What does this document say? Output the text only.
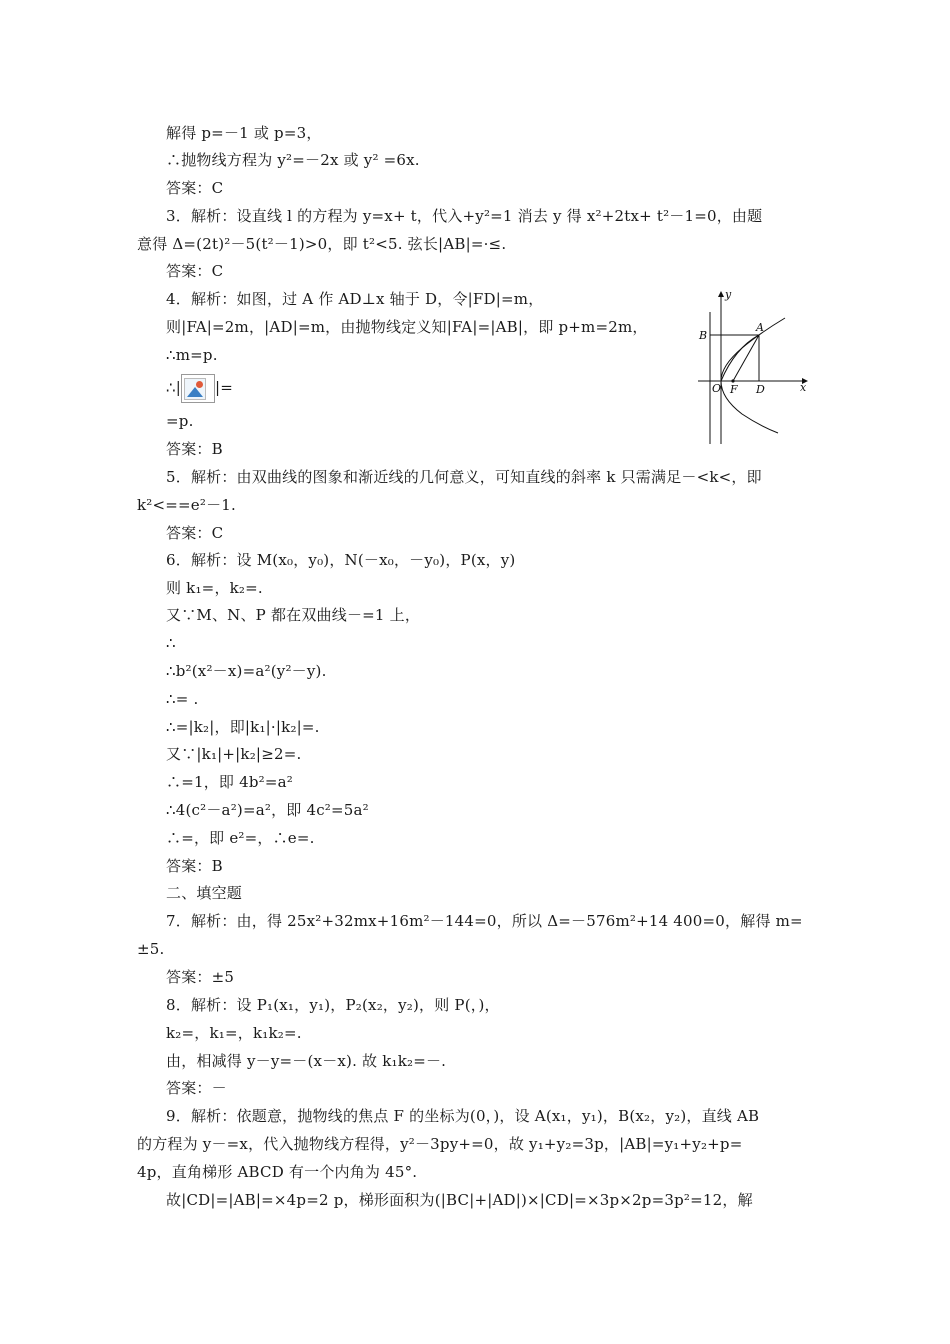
解得 p=－1 或 p=3，
∴抛物线方程为 y²=－2x 或 y² =6x.
答案：C
3．解析：设直线 l 的方程为 y=x+ t，代入+y²=1 消去 y 得 x²+2tx+ t²－1=0，由题
意得 Δ=(2t)²－5(t²－1)>0，即 t²<5. 弦长|AB|=·≤.
答案：C
4．解析：如图，过 A 作 AD⊥x 轴于 D，令|FD|=m，
则|FA|=2m，|AD|=m，由抛物线定义知|FA|=|AB|，即 p+m=2m，
∴m=p.
∴| |=
=p.
答案：B
5．解析：由双曲线的图象和渐近线的几何意义，可知直线的斜率 k 只需满足－<k<，即
k²<==e²－1.
答案：C
6．解析：设 M(x₀，y₀)，N(－x₀，－y₀)，P(x，y)
则 k₁=，k₂=.
又∵M、N、P 都在双曲线－=1 上，
∴
∴b²(x²－x)=a²(y²－y).
∴= .
∴=|k₂|，即|k₁|·|k₂|=.
又∵|k₁|+|k₂|≥2=.
∴=1，即 4b²=a²
∴4(c²－a²)=a²，即 4c²=5a²
∴=，即 e²=，∴e=.
答案：B
二、填空题
7．解析：由，得 25x²+32mx+16m²－144=0，所以 Δ=－576m²+14 400=0，解得 m=
±5.
答案：±5
8．解析：设 P₁(x₁，y₁)，P₂(x₂，y₂)，则 P(，)，
k₂=，k₁=，k₁k₂=.
由，相减得 y－y=－(x－x). 故 k₁k₂=－.
答案：－
9．解析：依题意，抛物线的焦点 F 的坐标为(0，)，设 A(x₁，y₁)，B(x₂，y₂)，直线 AB
的方程为 y－=x，代入抛物线方程得，y²－3py+=0，故 y₁+y₂=3p，|AB|=y₁+y₂+p=
4p，直角梯形 ABCD 有一个内角为 45°.
故|CD|=|AB|=×4p=2 p，梯形面积为(|BC|+|AD|)×|CD|=×3p×2p=3p²=12，解
y
x
A
B
O F D
